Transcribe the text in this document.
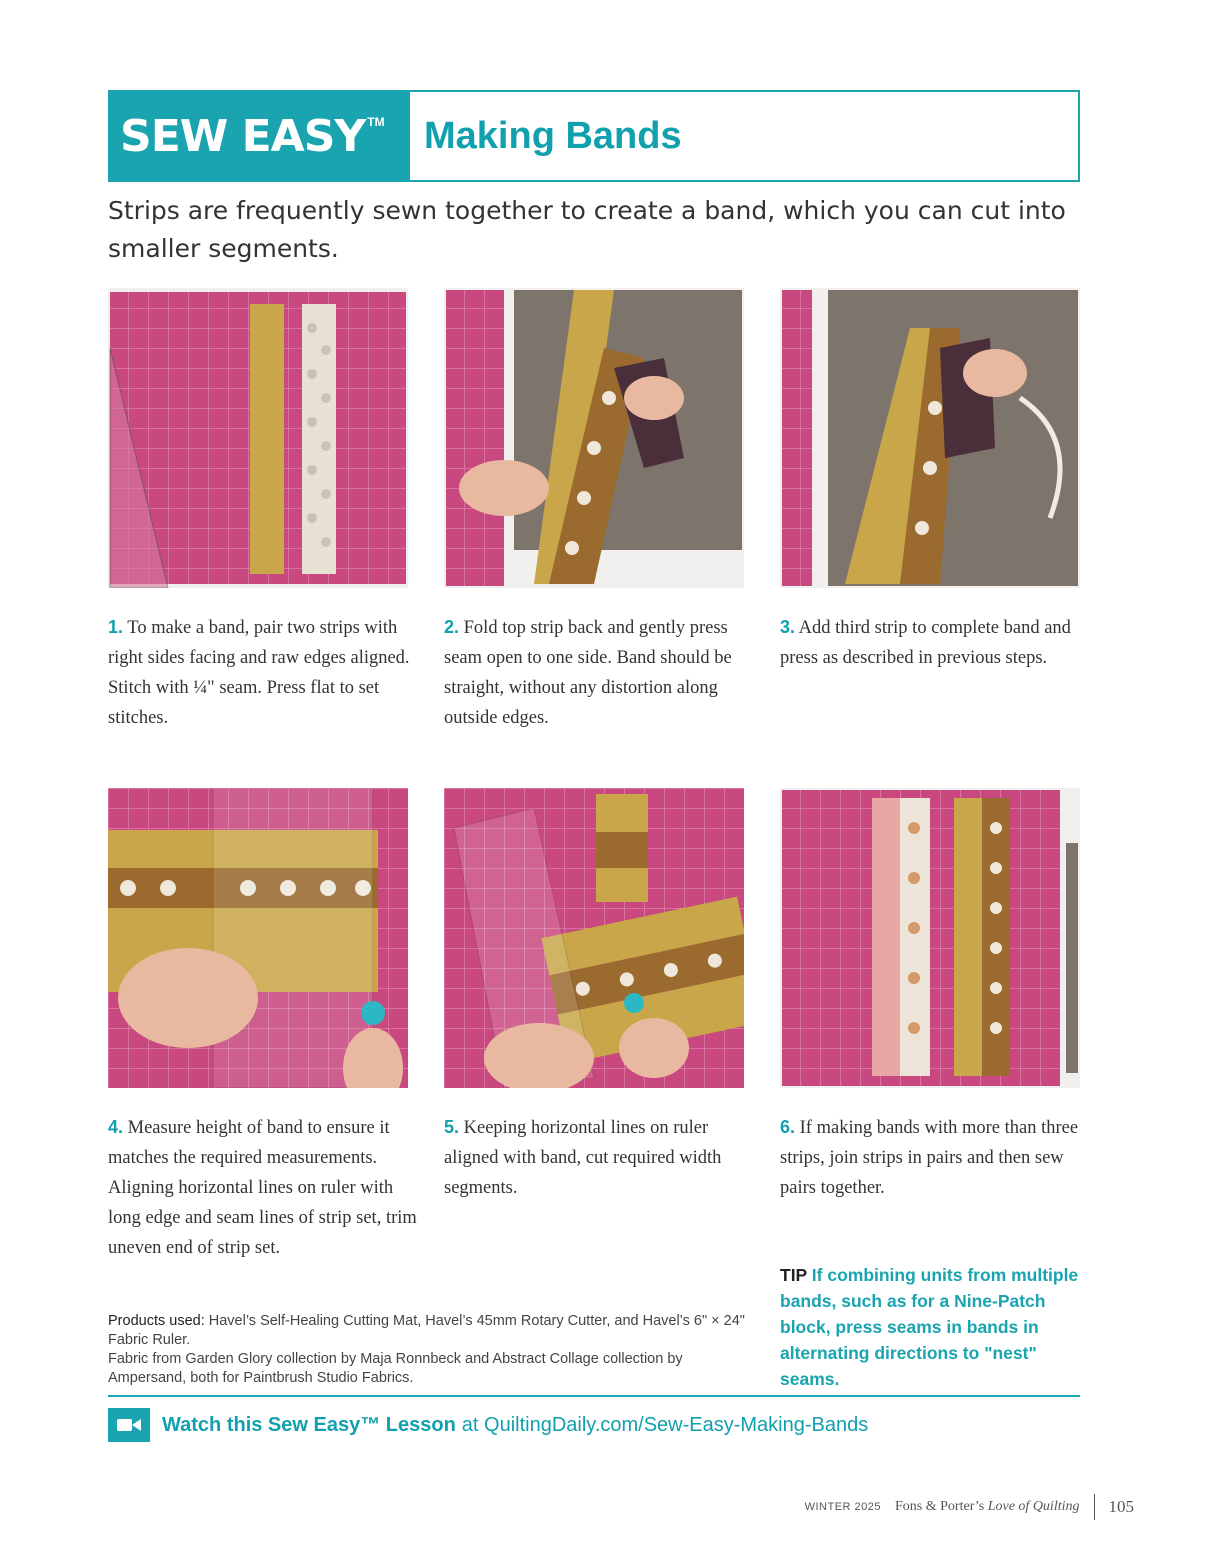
SEW EASY TM	Making Bands

Strips are frequently sewn together to create a band, which you can cut into smaller segments.

1. To make a band, pair two strips with right sides facing and raw edges aligned. Stitch with ¼" seam. Press flat to set stitches.

2. Fold top strip back and gently press seam open to one side. Band should be straight, without any distortion along outside edges.

3. Add third strip to complete band and press as described in previous steps.

4. Measure height of band to ensure it matches the required measurements. Aligning horizontal lines on ruler with long edge and seam lines of strip set, trim uneven end of strip set.

5. Keeping horizontal lines on ruler aligned with band, cut required width segments.

6. If making bands with more than three strips, join strips in pairs and then sew pairs together.

Products used: Havel’s Self-Healing Cutting Mat, Havel’s 45mm Rotary Cutter, and Havel’s 6" × 24" Fabric Ruler.
Fabric from Garden Glory collection by Maja Ronnbeck and Abstract Collage collection by Ampersand, both for Paintbrush Studio Fabrics.
TIP If combining units from multiple bands, such as for a Nine-Patch block, press seams in bands in alternating directions to "nest" seams.
Watch this Sew Easy™ Lesson at QuiltingDaily.com/Sew-Easy-Making-Bands
WINTER 2025 Fons & Porter’s Love of Quilting 105
